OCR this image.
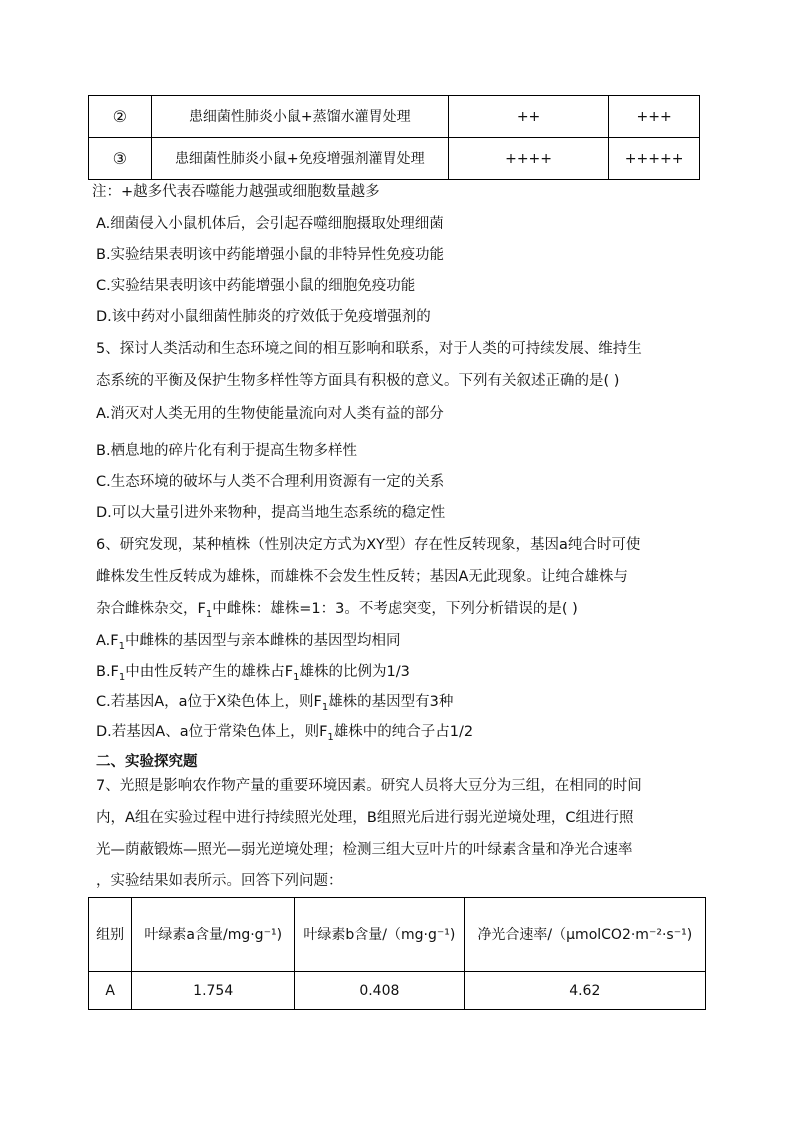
②	患细菌性肺炎小鼠+蒸馏水灌胃处理	++	+++
③	患细菌性肺炎小鼠+免疫增强剂灌胃处理	++++	+++++
注：+越多代表吞噬能力越强或细胞数量越多
A.细菌侵入小鼠机体后，会引起吞噬细胞摄取处理细菌
B.实验结果表明该中药能增强小鼠的非特异性免疫功能
C.实验结果表明该中药能增强小鼠的细胞免疫功能
D.该中药对小鼠细菌性肺炎的疗效低于免疫增强剂的
5、探讨人类活动和生态环境之间的相互影响和联系，对于人类的可持续发展、维持生
态系统的平衡及保护生物多样性等方面具有积极的意义。下列有关叙述正确的是( )
A.消灭对人类无用的生物使能量流向对人类有益的部分
B.栖息地的碎片化有利于提高生物多样性
C.生态环境的破坏与人类不合理利用资源有一定的关系
D.可以大量引进外来物种，提高当地生态系统的稳定性
6、研究发现，某种植株（性别决定方式为XY型）存在性反转现象，基因a纯合时可使
雌株发生性反转成为雄株，而雄株不会发生性反转；基因A无此现象。让纯合雄株与
杂合雌株杂交，$F_1$中雌株：雄株=1：3。不考虑突变，下列分析错误的是( )
$A.F_1$中雌株的基因型与亲本雌株的基因型均相同
$B.F_1$中由性反转产生的雄株占$F_1$雄株的比例为1/3
C.若基因A，a位于X染色体上，则$F_1$雄株的基因型有3种
D.若基因A、a位于常染色体上，则$F_1$雄株中的纯合子占1/2
二、实验探究题
7、光照是影响农作物产量的重要环境因素。研究人员将大豆分为三组，在相同的时间
内，A组在实验过程中进行持续照光处理，B组照光后进行弱光逆境处理，C组进行照
光—荫蔽锻炼—照光—弱光逆境处理；检测三组大豆叶片的叶绿素含量和净光合速率
，实验结果如表所示。回答下列问题：
组别	叶绿素a含量/mg·g⁻¹)	叶绿素b含量/（mg·g⁻¹)	净光合速率/（μmolCO2·m⁻²·s⁻¹)
A	1.754	0.408	4.62
